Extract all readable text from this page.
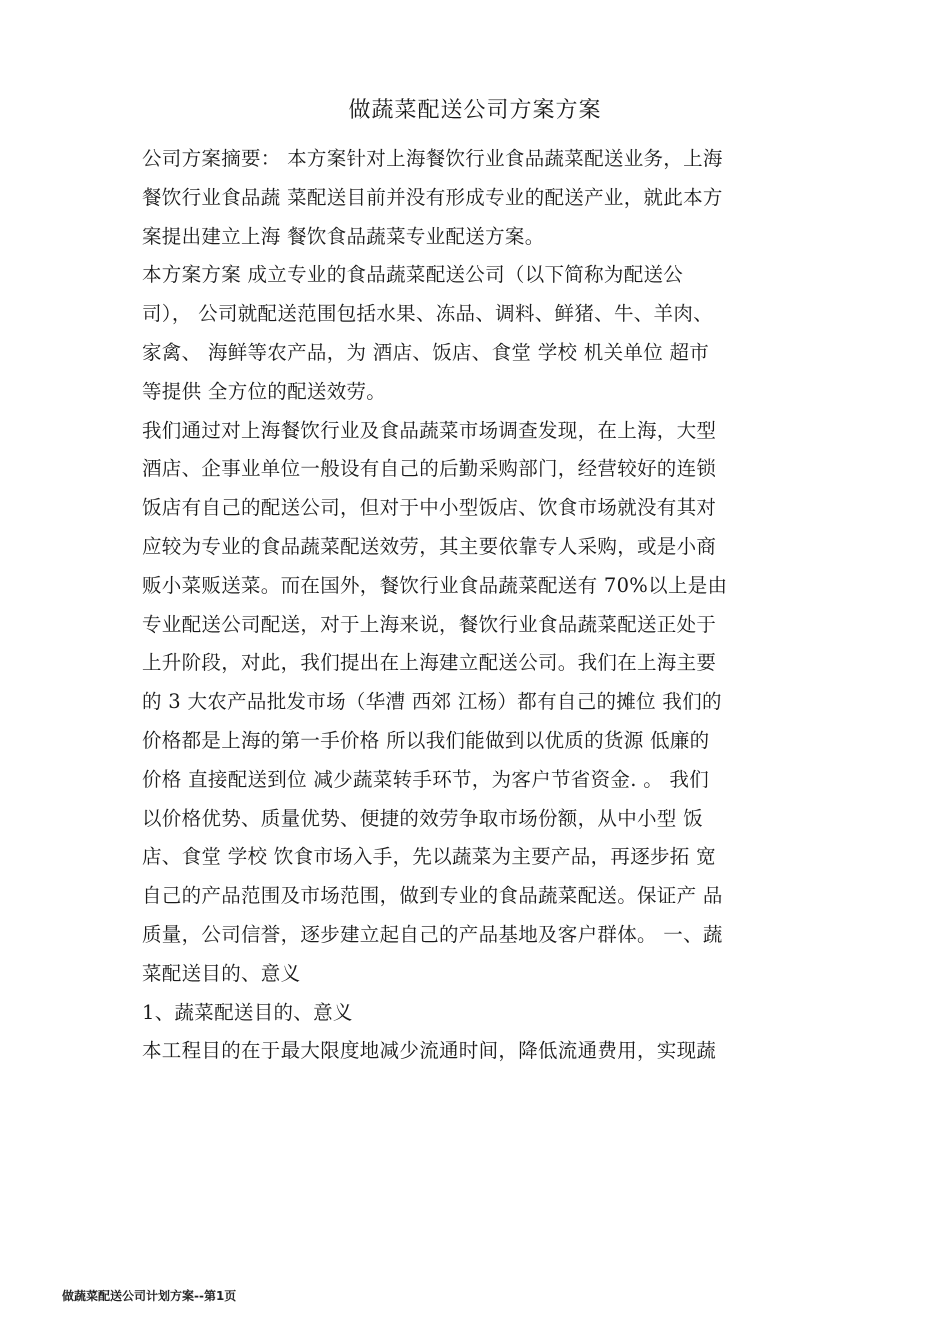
做蔬菜配送公司方案方案
公司方案摘要： 本方案针对上海餐饮行业食品蔬菜配送业务，上海
餐饮行业食品蔬 菜配送目前并没有形成专业的配送产业，就此本方
案提出建立上海 餐饮食品蔬菜专业配送方案。
本方案方案 成立专业的食品蔬菜配送公司（以下简称为配送公
司）， 公司就配送范围包括水果、冻品、调料、鲜猪、牛、羊肉、
家禽、 海鲜等农产品，为 酒店、饭店、食堂 学校 机关单位 超市
等提供 全方位的配送效劳。
我们通过对上海餐饮行业及食品蔬菜市场调查发现，在上海，大型
酒店、企事业单位一般设有自己的后勤采购部门，经营较好的连锁
饭店有自己的配送公司，但对于中小型饭店、饮食市场就没有其对
应较为专业的食品蔬菜配送效劳，其主要依靠专人采购，或是小商
贩小菜贩送菜。而在国外，餐饮行业食品蔬菜配送有 70%以上是由
专业配送公司配送，对于上海来说，餐饮行业食品蔬菜配送正处于
上升阶段，对此，我们提出在上海建立配送公司。我们在上海主要
的 3 大农产品批发市场（华漕 西郊 江杨）都有自己的摊位 我们的
价格都是上海的第一手价格 所以我们能做到以优质的货源 低廉的
价格 直接配送到位 减少蔬菜转手环节，为客户节省资金. 。 我们
以价格优势、质量优势、便捷的效劳争取市场份额，从中小型 饭
店、食堂 学校 饮食市场入手，先以蔬菜为主要产品，再逐步拓 宽
自己的产品范围及市场范围，做到专业的食品蔬菜配送。保证产 品
质量，公司信誉，逐步建立起自己的产品基地及客户群体。 一、蔬
菜配送目的、意义
1、蔬菜配送目的、意义
本工程目的在于最大限度地减少流通时间，降低流通费用，实现蔬
做蔬菜配送公司计划方案--第1页
